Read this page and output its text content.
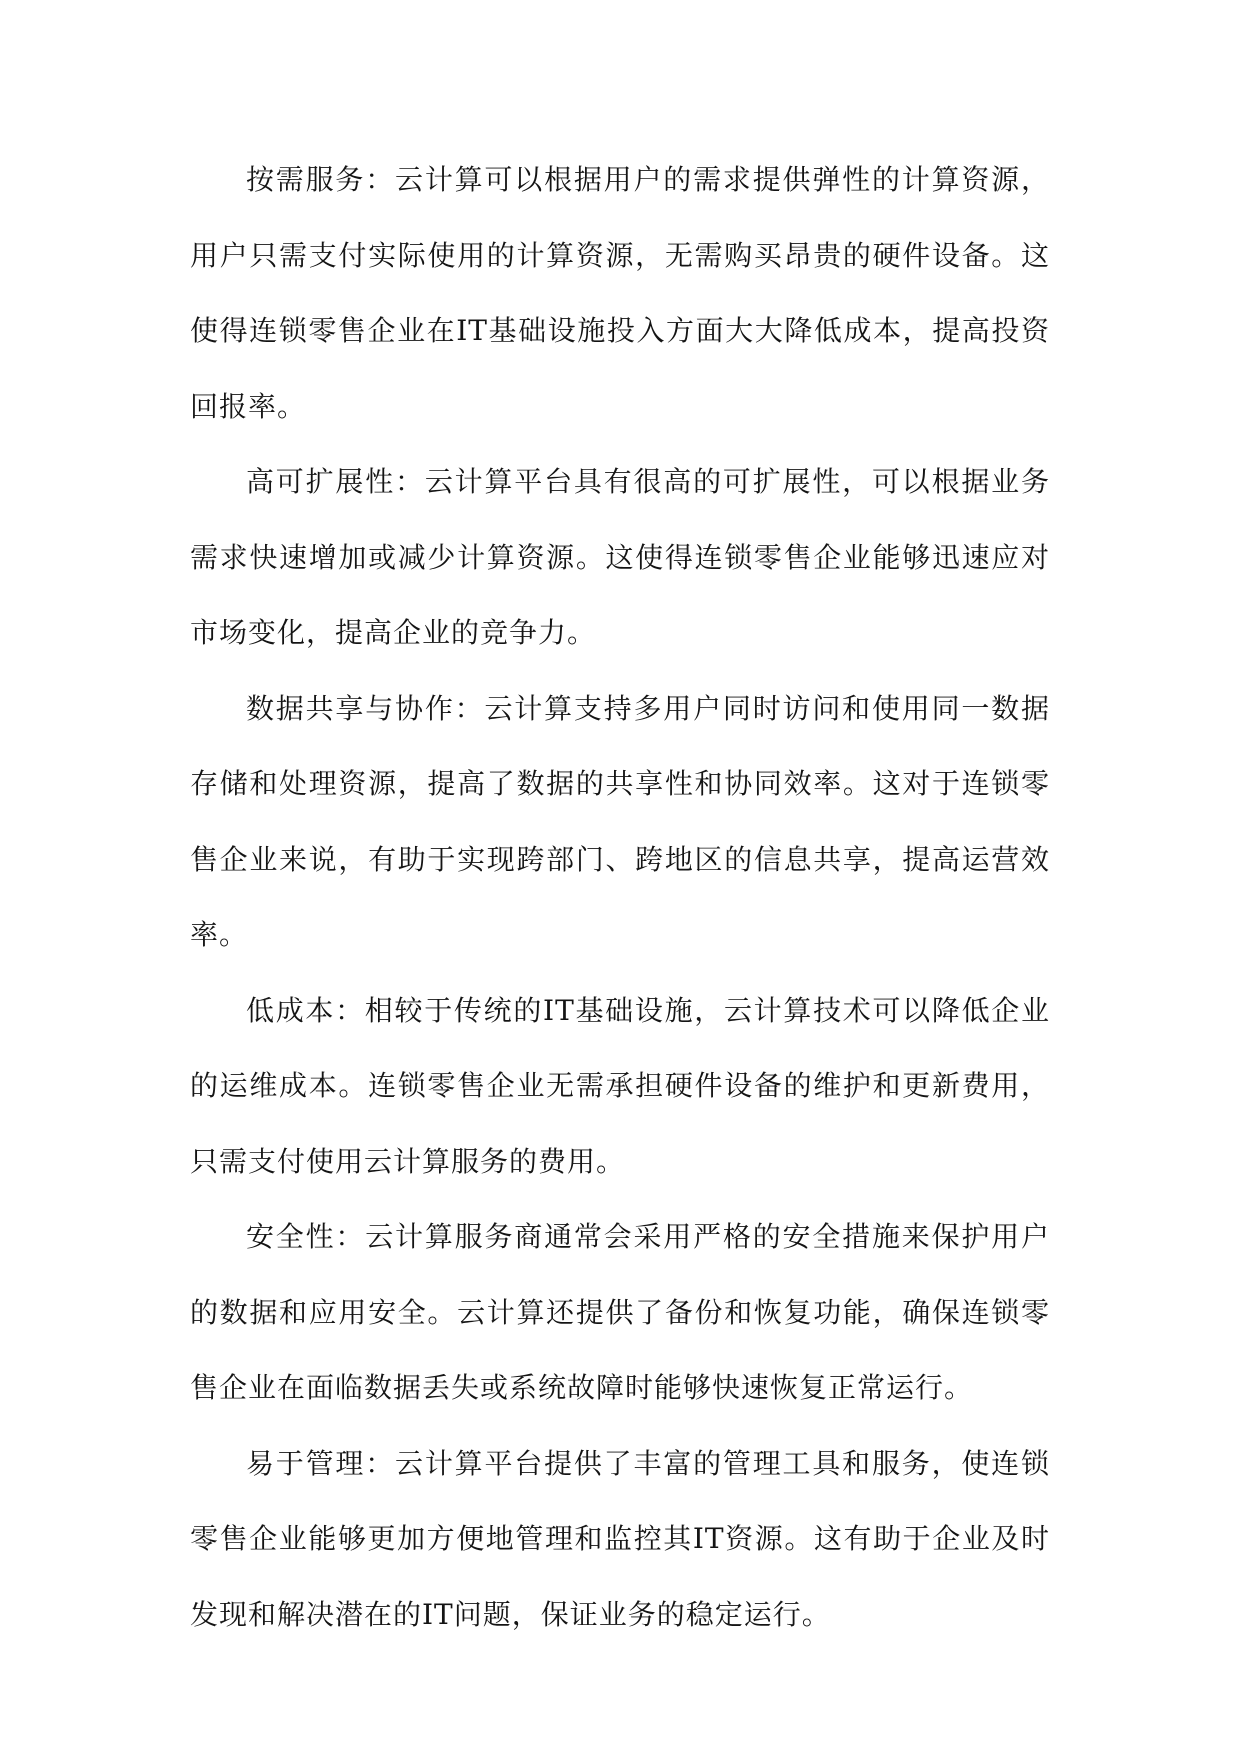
按需服务：云计算可以根据用户的需求提供弹性的计算资源，用户只需支付实际使用的计算资源，无需购买昂贵的硬件设备。这使得连锁零售企业在IT基础设施投入方面大大降低成本，提高投资回报率。

高可扩展性：云计算平台具有很高的可扩展性，可以根据业务需求快速增加或减少计算资源。这使得连锁零售企业能够迅速应对市场变化，提高企业的竞争力。

数据共享与协作：云计算支持多用户同时访问和使用同一数据存储和处理资源，提高了数据的共享性和协同效率。这对于连锁零售企业来说，有助于实现跨部门、跨地区的信息共享，提高运营效率。

低成本：相较于传统的IT基础设施，云计算技术可以降低企业的运维成本。连锁零售企业无需承担硬件设备的维护和更新费用，只需支付使用云计算服务的费用。

安全性：云计算服务商通常会采用严格的安全措施来保护用户的数据和应用安全。云计算还提供了备份和恢复功能，确保连锁零售企业在面临数据丢失或系统故障时能够快速恢复正常运行。

易于管理：云计算平台提供了丰富的管理工具和服务，使连锁零售企业能够更加方便地管理和监控其IT资源。这有助于企业及时发现和解决潜在的IT问题，保证业务的稳定运行。
